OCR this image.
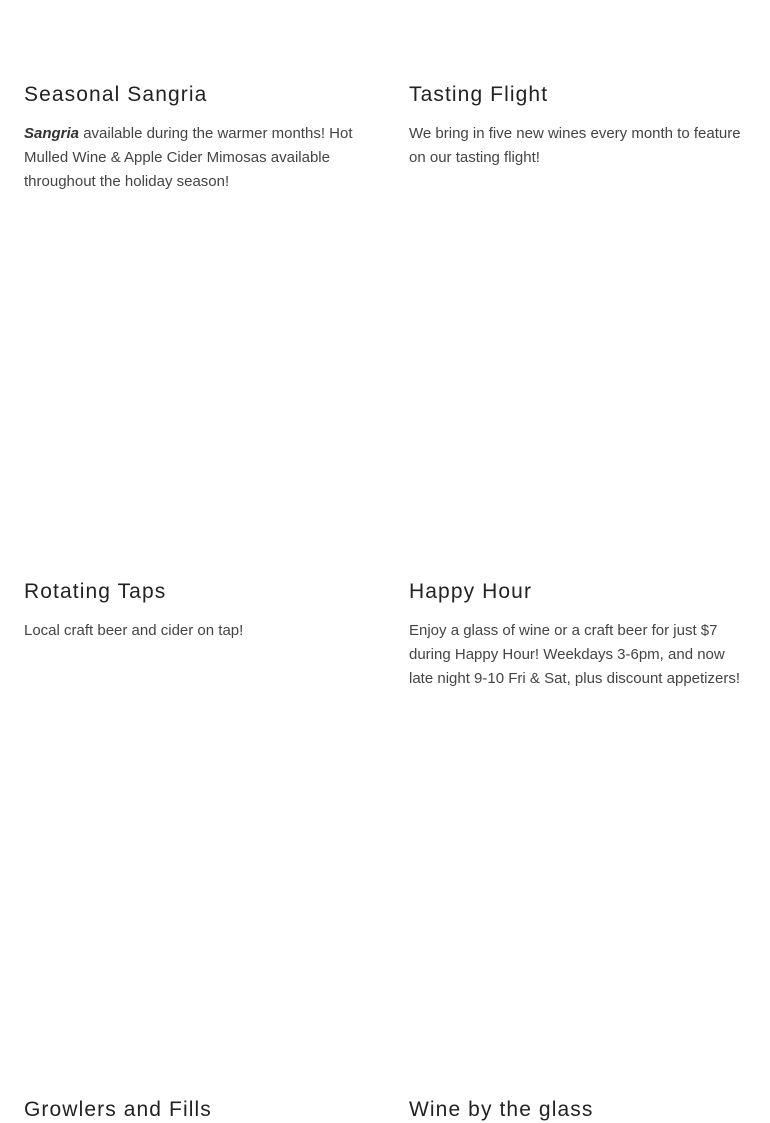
Seasonal Sangria

Sangria available during the warmer months! Hot Mulled Wine & Apple Cider Mimosas available throughout the holiday season!

Tasting Flight

We bring in five new wines every month to feature on our tasting flight!

Rotating Taps

Local craft beer and cider on tap!

Happy Hour

Enjoy a glass of wine or a craft beer for just $7 during Happy Hour! Weekdays 3-6pm, and now late night 9-10 Fri & Sat, plus discount appetizers!

Growlers and Fills	Wine by the glass
